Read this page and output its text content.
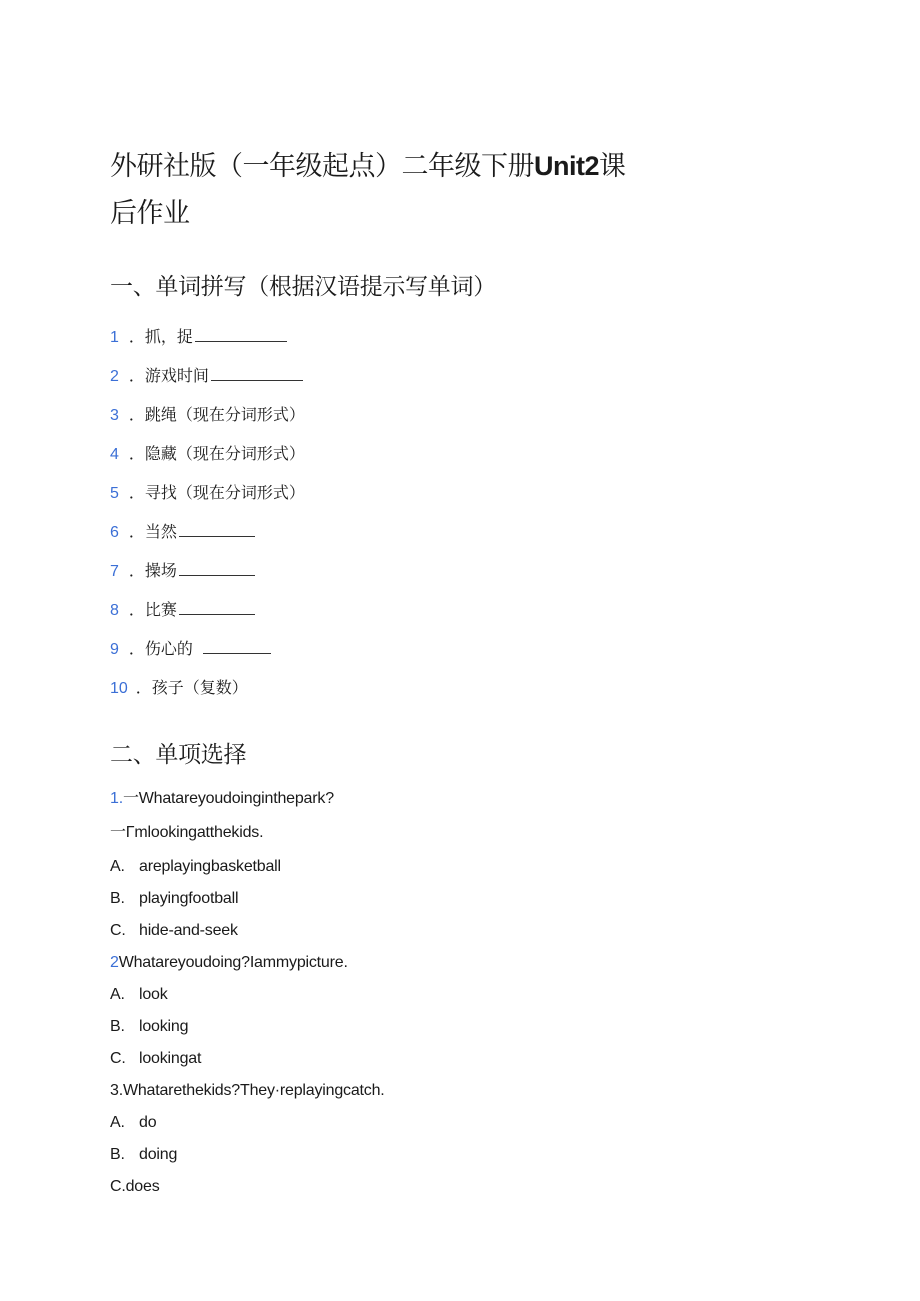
外研社版（一年级起点）二年级下册Unit2课
后作业
一、单词拼写（根据汉语提示写单词）
1 ．抓，捉
2 ．游戏时间
3 ．跳绳（现在分词形式）
4 ．隐藏（现在分词形式）
5 ．寻找（现在分词形式）
6 ．当然
7 ．操场
8 ．比赛
9 ．伤心的
10 ．孩子（复数）
二、单项选择
1.一Whatareyoudoinginthepark?
一Γmlookingatthekids.
A. areplayingbasketball
B. playingfootball
C. hide-and-seek
2Whatareyoudoing?Iammypicture.
A. look
B. looking
C. lookingat
3.Whatarethekids?They·replayingcatch.
A. do
B. doing
C.does
